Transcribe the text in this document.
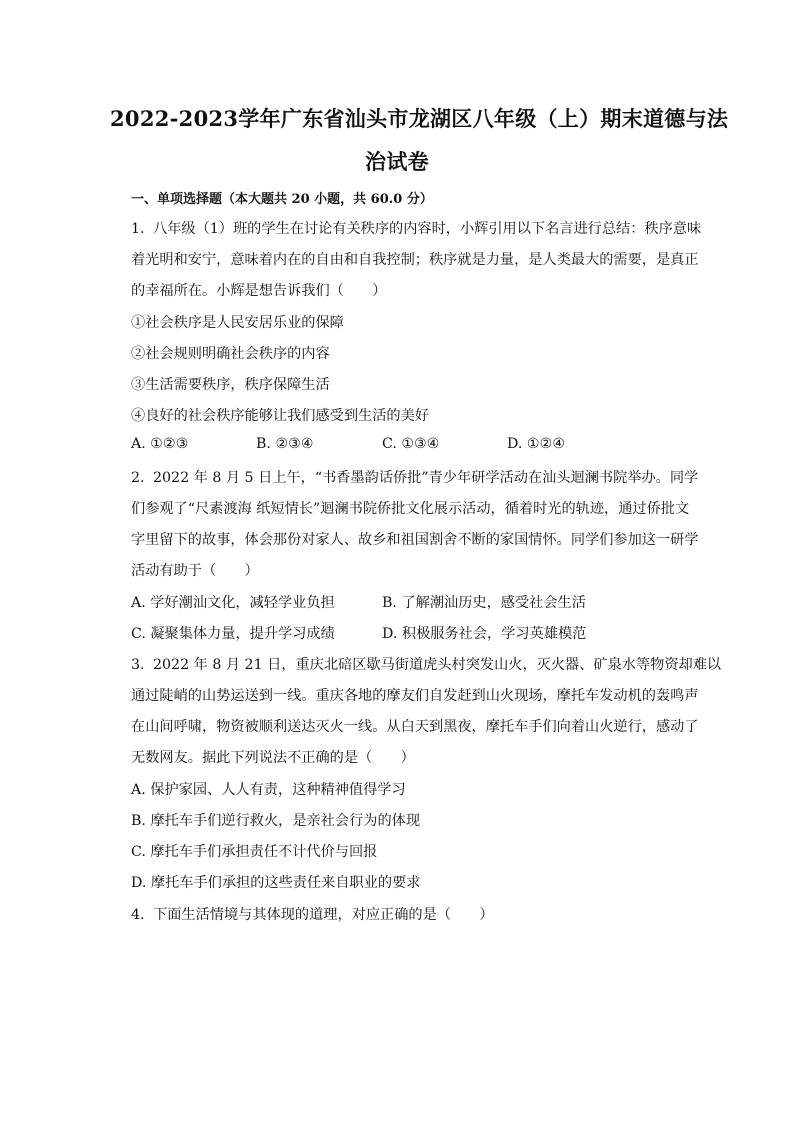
2022-2023学年广东省汕头市龙湖区八年级（上）期末道德与法
治试卷
一、单项选择题（本大题共 20 小题，共 60.0 分）
1. 八年级（1）班的学生在讨论有关秩序的内容时，小辉引用以下名言进行总结：秩序意味
着光明和安宁，意味着内在的自由和自我控制；秩序就是力量，是人类最大的需要，是真正
的幸福所在。小辉是想告诉我们（　　）
①社会秩序是人民安居乐业的保障
②社会规则明确社会秩序的内容
③生活需要秩序，秩序保障生活
④良好的社会秩序能够让我们感受到生活的美好
A. ①②③	B. ②③④	C. ①③④	D. ①②④
2. 2022 年 8 月 5 日上午，“书香墨韵话侨批”青少年研学活动在汕头迴澜书院举办。同学
们参观了“尺素渡海 纸短情长”迴澜书院侨批文化展示活动，循着时光的轨迹，通过侨批文
字里留下的故事，体会那份对家人、故乡和祖国割舍不断的家国情怀。同学们参加这一研学
活动有助于（　　）
A. 学好潮汕文化，减轻学业负担	B. 了解潮汕历史，感受社会生活
C. 凝聚集体力量，提升学习成绩	D. 积极服务社会，学习英雄模范
3. 2022 年 8 月 21 日，重庆北碚区歇马街道虎头村突发山火，灭火器、矿泉水等物资却难以
通过陡峭的山势运送到一线。重庆各地的摩友们自发赶到山火现场，摩托车发动机的轰鸣声
在山间呼啸，物资被顺利送达灭火一线。从白天到黑夜，摩托车手们向着山火逆行，感动了
无数网友。据此下列说法不正确的是（　　）
A. 保护家园、人人有责，这种精神值得学习
B. 摩托车手们逆行救火，是亲社会行为的体现
C. 摩托车手们承担责任不计代价与回报
D. 摩托车手们承担的这些责任来自职业的要求
4. 下面生活情境与其体现的道理，对应正确的是（　　）
